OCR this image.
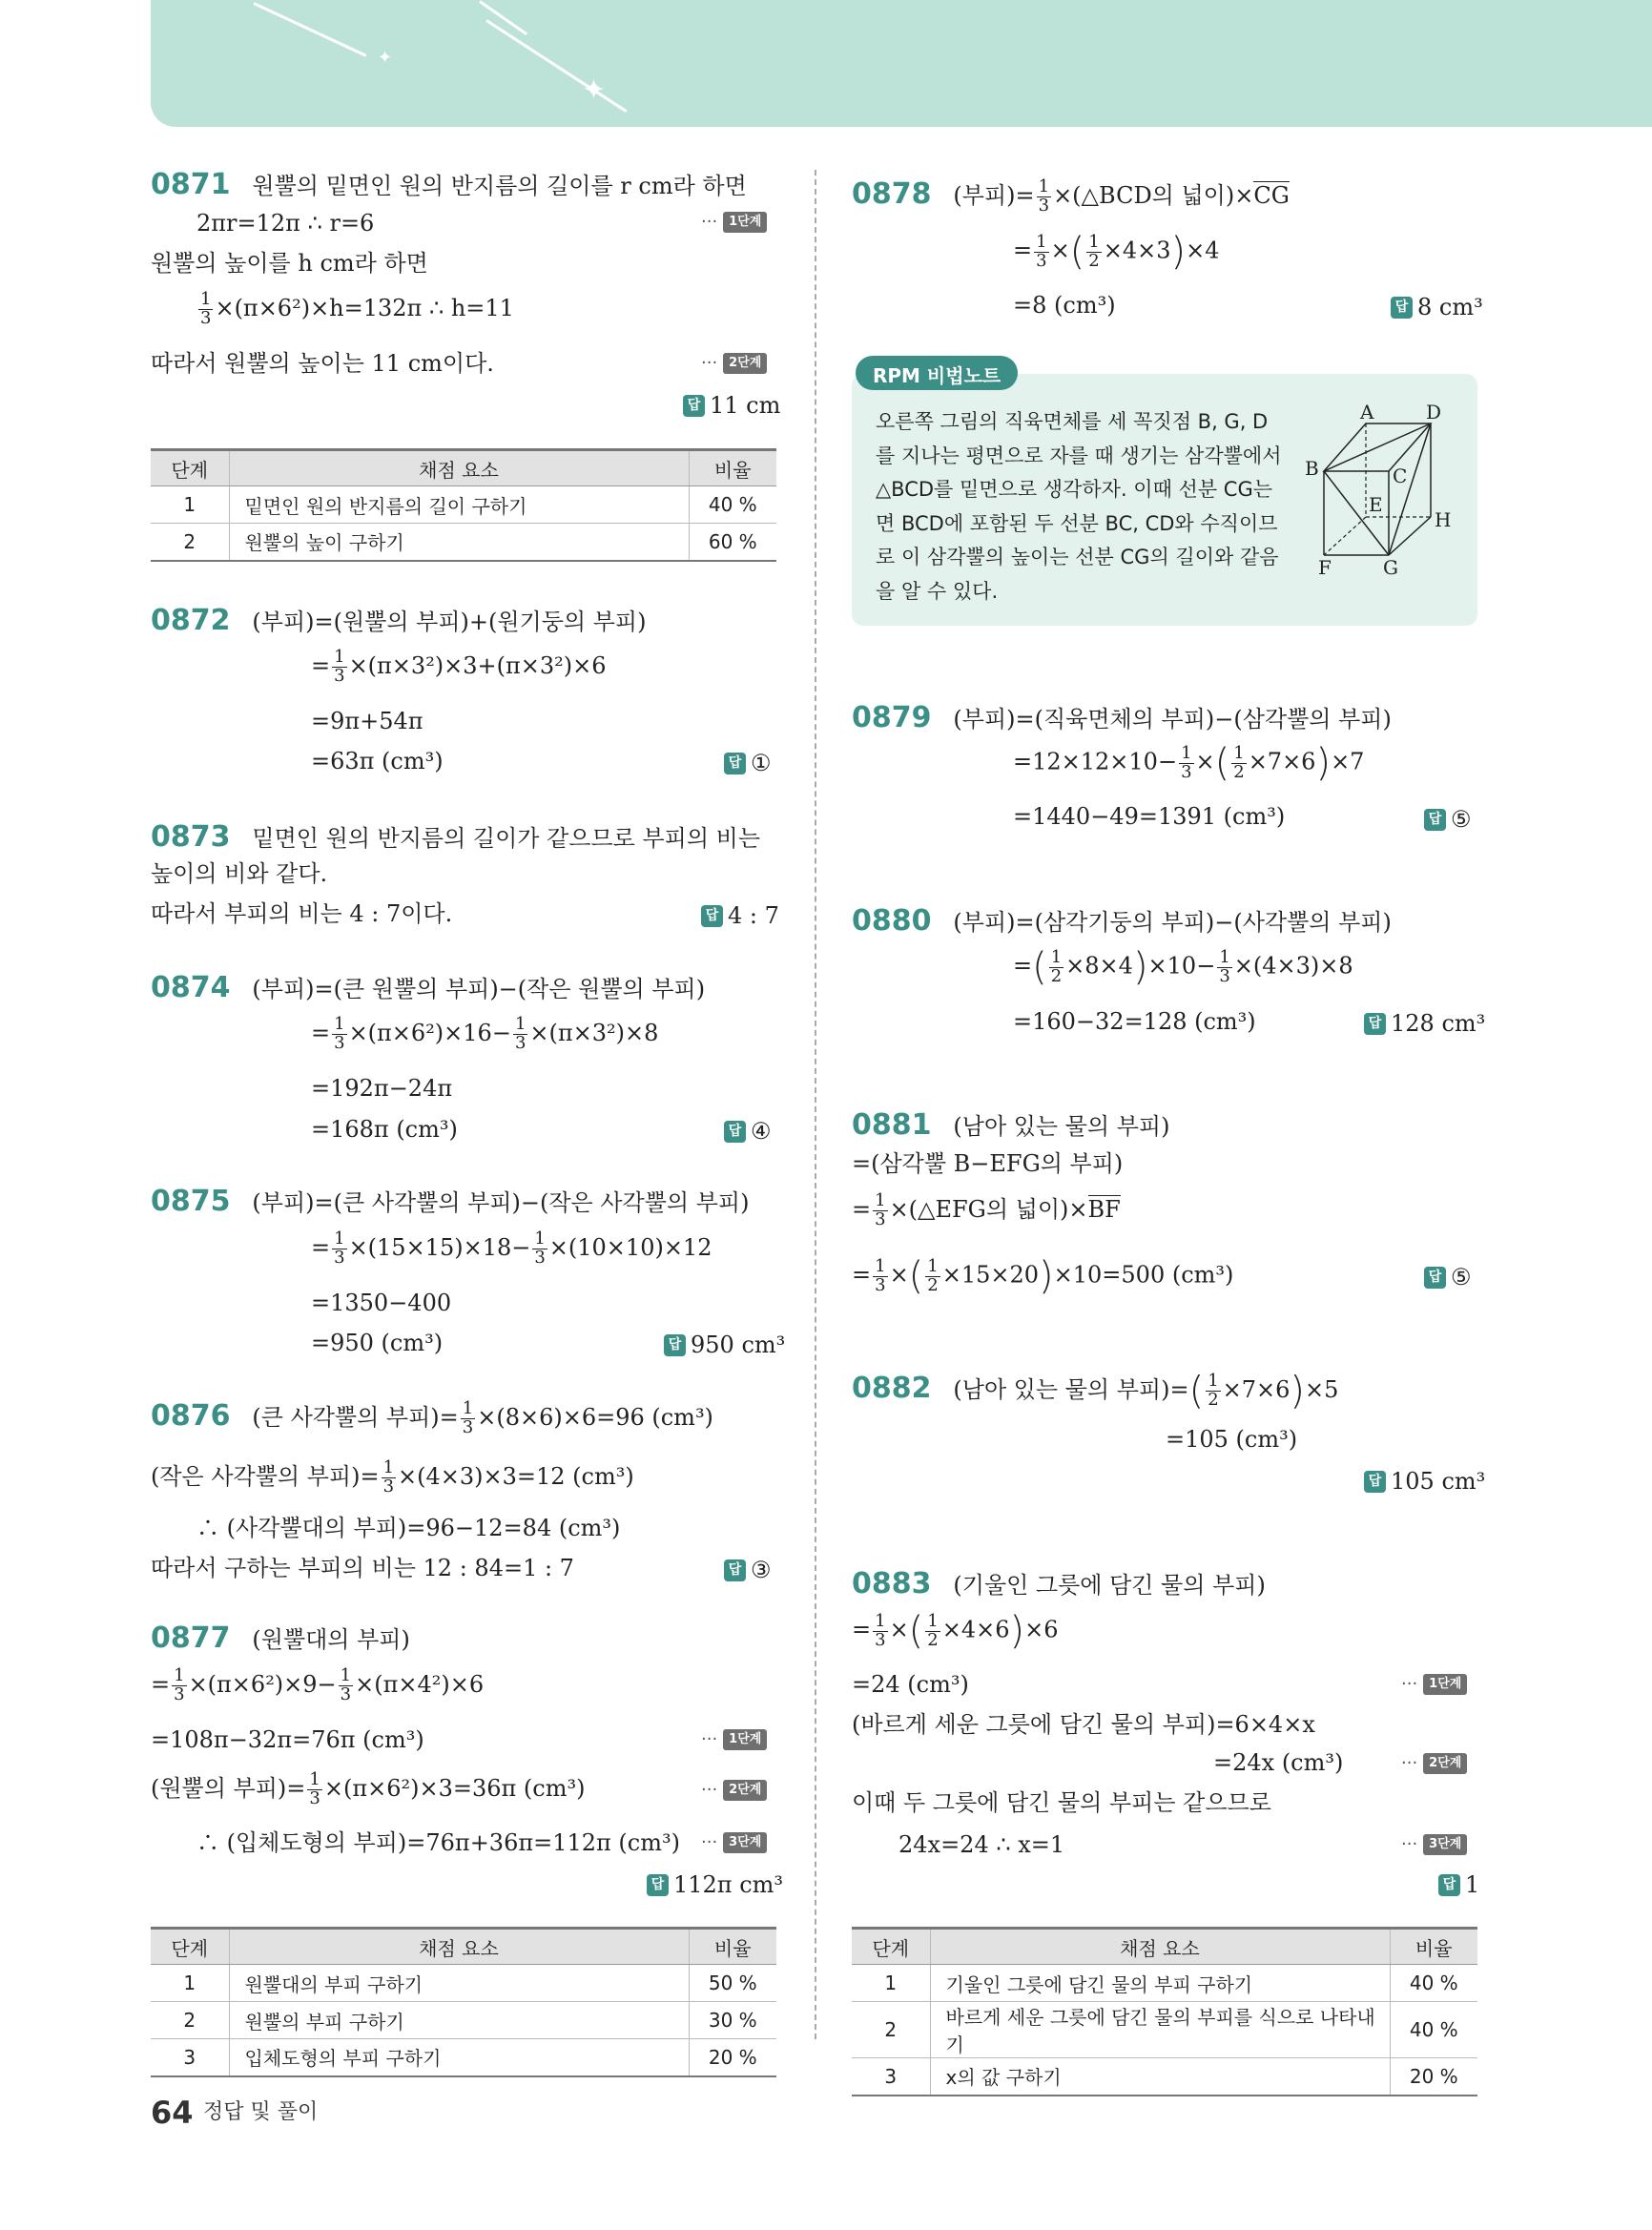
✦
✦
0871 원뿔의 밑면인 원의 반지름의 길이를 r cm라 하면
2πr=12π ∴ r=6	··· 1단계
원뿔의 높이를 h cm라 하면
$\frac{1}{3} \times(\pi\times 6^2)\times h=132\pi$ ∴ h=11
따라서 원뿔의 높이는 11 cm이다.	··· 2단계
답 11 cm
단계	채점 요소	비율
1	밑면인 원의 반지름의 길이 구하기	40 %
2	원뿔의 높이 구하기	60 %
0872 (부피)=(원뿔의 부피)+(원기둥의 부피)
= $\frac{1}{3} \times(\pi\times 3^2)\times 3+(\pi\times 3^2)\times 6$
=9π+54π
=63π (cm³)	답 ①
0873 밑면인 원의 반지름의 길이가 같으므로 부피의 비는
높이의 비와 같다.
따라서 부피의 비는 4 : 7이다.	답 4 : 7
0874 (부피)=(큰 원뿔의 부피)−(작은 원뿔의 부피)
= $\frac{1}{3} \times(\pi\times 6^2)\times 16- \frac{1}{3} \times(\pi\times 3^2)\times 8$
=192π−24π
=168π (cm³)	답 ④
0875 (부피)=(큰 사각뿔의 부피)−(작은 사각뿔의 부피)
= $\frac{1}{3} \times(15\times 15)\times 18- \frac{1}{3} \times(10\times 10)\times 12$
=1350−400
=950 (cm³)	답 950 cm³
0876 (큰 사각뿔의 부피)= $\frac{1}{3} \times(8\times 6)\times 6=96$ (cm³)
(작은 사각뿔의 부피)= $\frac{1}{3} \times(4\times 3)\times 3=12$ (cm³)
∴ (사각뿔대의 부피)=96−12=84 (cm³)
따라서 구하는 부피의 비는 12 : 84=1 : 7	답 ③
0877 (원뿔대의 부피)
= $\frac{1}{3} \times(\pi\times 6^2)\times 9- \frac{1}{3} \times(\pi\times 4^2)\times 6$
=108π−32π=76π (cm³)	··· 1단계
(원뿔의 부피)= $\frac{1}{3} \times(\pi\times 6^2)\times 3=36\pi$ (cm³)	··· 2단계
∴ (입체도형의 부피)=76π+36π=112π (cm³) ··· 3단계
답 112π cm³
단계	채점 요소	비율
1	원뿔대의 부피 구하기	50 %
2	원뿔의 부피 구하기	30 %
3	입체도형의 부피 구하기	20 %
0878 (부피)= $\frac{1}{3}$ ×(△BCD의 넓이)×CG
= $\frac{1}{3}$ ×( $\frac{1}{2} \times 4\times 3)\times 4$
=8 (cm³)	답 8 cm³
RPM 비법노트
오른쪽 그림의 직육면체를 세 꼭짓점 B, G, D를 지나는 평면으로 자를 때 생기는 삼각뿔에서 △BCD를 밑면으로 생각하자. 이때 선분 CG는 면 BCD에 포함된 두 선분 BC, CD와 수직이므로 이 삼각뿔의 높이는 선분 CG의 길이와 같음을 알 수 있다.
A	D
B	C
E
H
F	G
0879 (부피)=(직육면체의 부피)−(삼각뿔의 부피)
$=12\times 12\times 10- \frac{1}{3}$ ×( $\frac{1}{2} \times 7\times 6)\times 7$
=1440−49=1391 (cm³)	답 ⑤
0880 (부피)=(삼각기둥의 부피)−(사각뿔의 부피)
=( $\frac{1}{2} \times 8\times 4)\times 10- \frac{1}{3} \times(4\times 3)\times 8$
=160−32=128 (cm³)	답 128 cm³
0881 (남아 있는 물의 부피)
=(삼각뿔 B−EFG의 부피)
= $\frac{1}{3}$ ×(△EFG의 넓이)×BF
= $\frac{1}{3}$ ×( $\frac{1}{2} \times 15\times 20)\times 10=500$ (cm³)	답 ⑤
0882 (남아 있는 물의 부피)=( $\frac{1}{2} \times 7\times 6)\times 5$
=105 (cm³)
답 105 cm³
0883 (기울인 그릇에 담긴 물의 부피)
= $\frac{1}{3}$ ×( $\frac{1}{2} \times 4\times 6)\times 6$
=24 (cm³)	··· 1단계
(바르게 세운 그릇에 담긴 물의 부피)=6×4×x
=24x (cm³)	··· 2단계
이때 두 그릇에 담긴 물의 부피는 같으므로
24x=24 ∴ x=1	··· 3단계
답 1
단계	채점 요소	비율
1	기울인 그릇에 담긴 물의 부피 구하기	40 %
2	바르게 세운 그릇에 담긴 물의 부피를 식으로 나타내기	40 %
3	x의 값 구하기	20 %
64 정답 및 풀이
